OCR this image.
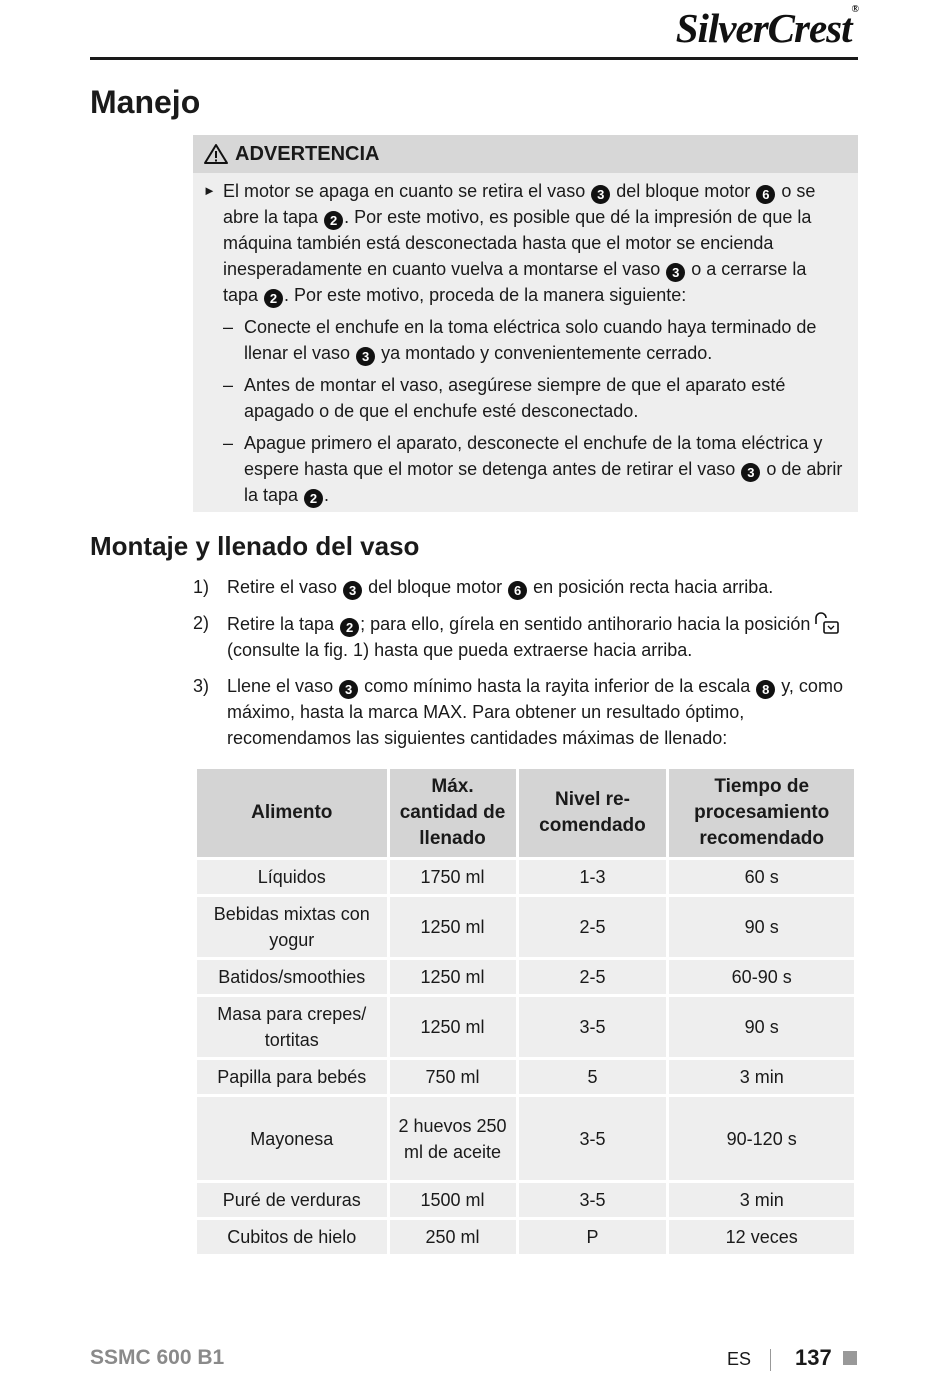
SilverCrest®
Manejo
ADVERTENCIA
► El motor se apaga en cuanto se retira el vaso 3 del bloque motor 6 o se abre la tapa 2 . Por este motivo, es posible que dé la impresión de que la máquina también está desconectada hasta que el motor se encienda inesperadamente en cuanto vuelva a montarse el vaso 3 o a cerrarse la tapa 2 . Por este motivo, proceda de la manera siguiente:
– Conecte el enchufe en la toma eléctrica solo cuando haya terminado de llenar el vaso 3 ya montado y convenientemente cerrado.
– Antes de montar el vaso, asegúrese siempre de que el aparato esté apagado o de que el enchufe esté desconectado.
– Apague primero el aparato, desconecte el enchufe de la toma eléctrica y espere hasta que el motor se detenga antes de retirar el vaso 3 o de abrir la tapa 2 .
Montaje y llenado del vaso
1) Retire el vaso 3 del bloque motor 6 en posición recta hacia arriba.
2) Retire la tapa 2 ; para ello, gírela en sentido antihorario hacia la posición (consulte la fig. 1) hasta que pueda extraerse hacia arriba.
3) Llene el vaso 3 como mínimo hasta la rayita inferior de la escala 8 y, como máximo, hasta la marca MAX. Para obtener un resultado óptimo, recomendamos las siguientes cantidades máximas de llenado:
Alimento	Máx. cantidad de llenado	Nivel re-comendado	Tiempo de procesamiento recomendado
Líquidos	1750 ml	1-3	60 s
Bebidas mixtas con yogur	1250 ml	2-5	90 s
Batidos/smoothies	1250 ml	2-5	60-90 s
Masa para crepes/ tortitas	1250 ml	3-5	90 s
Papilla para bebés	750 ml	5	3 min
Mayonesa	2 huevos 250 ml de aceite	3-5	90-120 s
Puré de verduras	1500 ml	3-5	3 min
Cubitos de hielo	250 ml	P	12 veces
SSMC 600 B1	ES 137
